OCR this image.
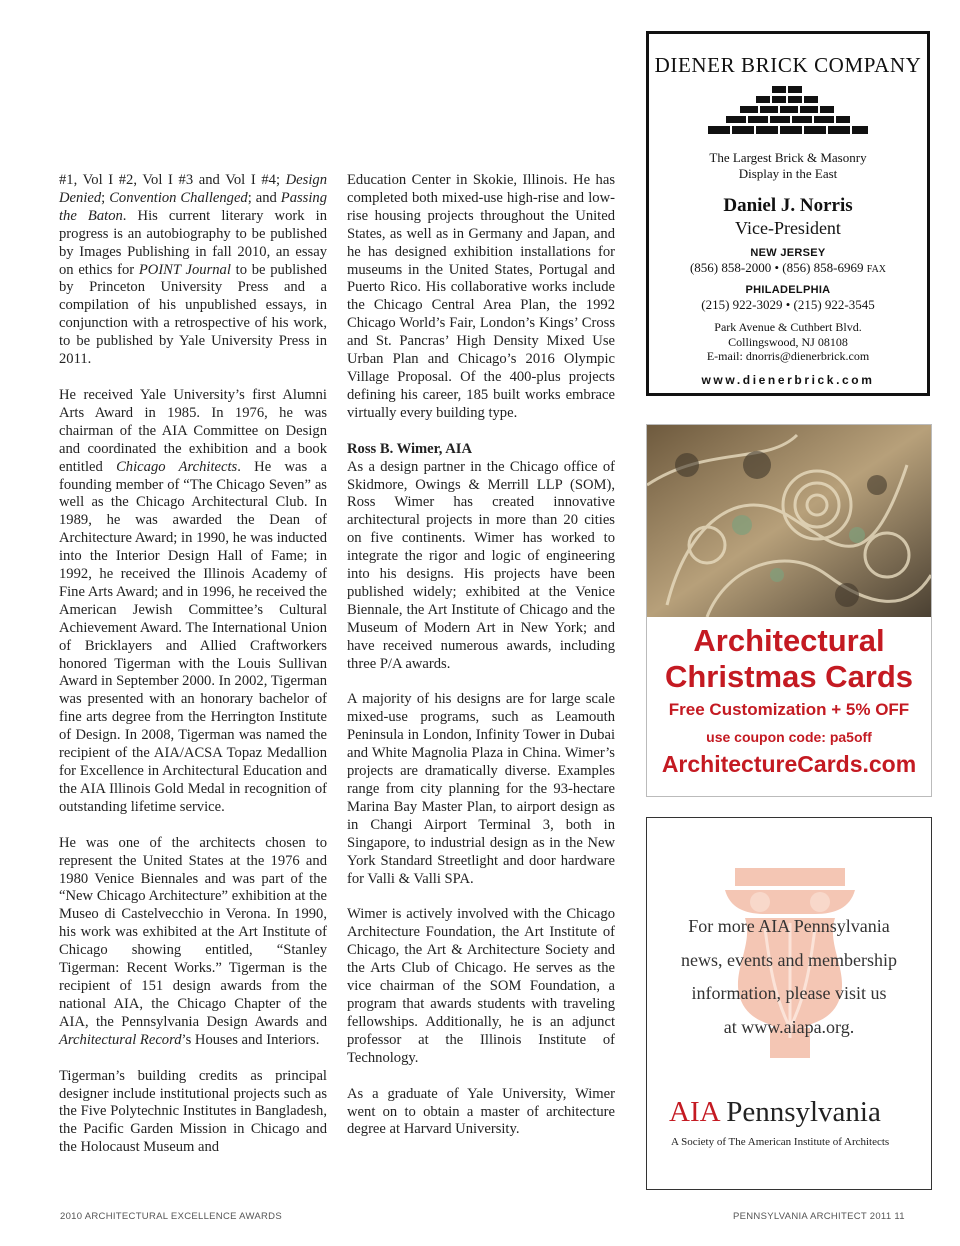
#1, Vol I #2, Vol I #3 and Vol I #4; Design Denied; Convention Challenged; and Passing the Baton. His current literary work in progress is an autobiography to be published by Images Publishing in fall 2010, an essay on ethics for POINT Journal to be published by Princeton University Press and a compilation of his unpublished essays, in conjunction with a retrospective of his work, to be published by Yale University Press in 2011.

He received Yale University’s first Alumni Arts Award in 1985. In 1976, he was chairman of the AIA Committee on Design and coordinated the exhibition and a book entitled Chicago Architects. He was a founding member of “The Chicago Seven” as well as the Chicago Architectural Club. In 1989, he was awarded the Dean of Architecture Award; in 1990, he was inducted into the Interior Design Hall of Fame; in 1992, he received the Illinois Academy of Fine Arts Award; and in 1996, he received the American Jewish Committee’s Cultural Achievement Award. The International Union of Bricklayers and Allied Craftworkers honored Tigerman with the Louis Sullivan Award in September 2000. In 2002, Tigerman was presented with an honorary bachelor of fine arts degree from the Herrington Institute of Design. In 2008, Tigerman was named the recipient of the AIA/ACSA Topaz Medallion for Excellence in Architectural Education and the AIA Illinois Gold Medal in recognition of outstanding lifetime service.

He was one of the architects chosen to represent the United States at the 1976 and 1980 Venice Biennales and was part of the “New Chicago Architecture” exhibition at the Museo di Castelvecchio in Verona. In 1990, his work was exhibited at the Art Institute of Chicago showing entitled, “Stanley Tigerman: Recent Works.” Tigerman is the recipient of 151 design awards from the national AIA, the Chicago Chapter of the AIA, the Pennsylvania Design Awards and Architectural Record’s Houses and Interiors.

Tigerman’s building credits as principal designer include institutional projects such as the Five Polytechnic Institutes in Bangladesh, the Pacific Garden Mission in Chicago and the Holocaust Museum and

Education Center in Skokie, Illinois. He has completed both mixed-use high-rise and low-rise housing projects throughout the United States, as well as in Germany and Japan, and he has designed exhibition installations for museums in the United States, Portugal and Puerto Rico. His collaborative works include the Chicago Central Area Plan, the 1992 Chicago World’s Fair, London’s Kings’ Cross and St. Pancras’ High Density Mixed Use Urban Plan and Chicago’s 2016 Olympic Village Proposal. Of the 400-plus projects defining his career, 185 built works embrace virtually every building type.

Ross B. Wimer, AIA
As a design partner in the Chicago office of Skidmore, Owings & Merrill LLP (SOM), Ross Wimer has created innovative architectural projects in more than 20 cities on five continents. Wimer has worked to integrate the rigor and logic of engineering into his designs. His projects have been published widely; exhibited at the Venice Biennale, the Art Institute of Chicago and the Museum of Modern Art in New York; and have received numerous awards, including three P/A awards.

A majority of his designs are for large scale mixed-use programs, such as Leamouth Peninsula in London, Infinity Tower in Dubai and White Magnolia Plaza in China. Wimer’s projects are dramatically diverse. Examples range from city planning for the 93-hectare Marina Bay Master Plan, to airport design as in Changi Airport Terminal 3, both in Singapore, to industrial design as in the New York Standard Streetlight and door hardware for Valli & Valli SPA.

Wimer is actively involved with the Chicago Architecture Foundation, the Art Institute of Chicago, the Art & Architecture Society and the Arts Club of Chicago. He serves as the vice chairman of the SOM Foundation, a program that awards students with traveling fellowships. Additionally, he is an adjunct professor at the Illinois Institute of Technology.

As a graduate of Yale University, Wimer went on to obtain a master of architecture degree at Harvard University.

DIENER BRICK COMPANY
The Largest Brick & Masonry
Display in the East
Daniel J. Norris
Vice-President
NEW JERSEY
(856) 858-2000 • (856) 858-6969 FAX
PHILADELPHIA
(215) 922-3029 • (215) 922-3545
Park Avenue & Cuthbert Blvd.
Collingswood, NJ 08108
E-mail: dnorris@dienerbrick.com
www.dienerbrick.com
Architectural
Christmas Cards
Free Customization + 5% OFF
use coupon code: pa5off
ArchitectureCards.com
For more AIA Pennsylvania
news, events and membership
information, please visit us
at www.aiapa.org.
AIA Pennsylvania
A Society of The American Institute of Architects
2010 ARCHITECTURAL EXCELLENCE AWARDS	PENNSYLVANIA ARCHITECT 2011 11
